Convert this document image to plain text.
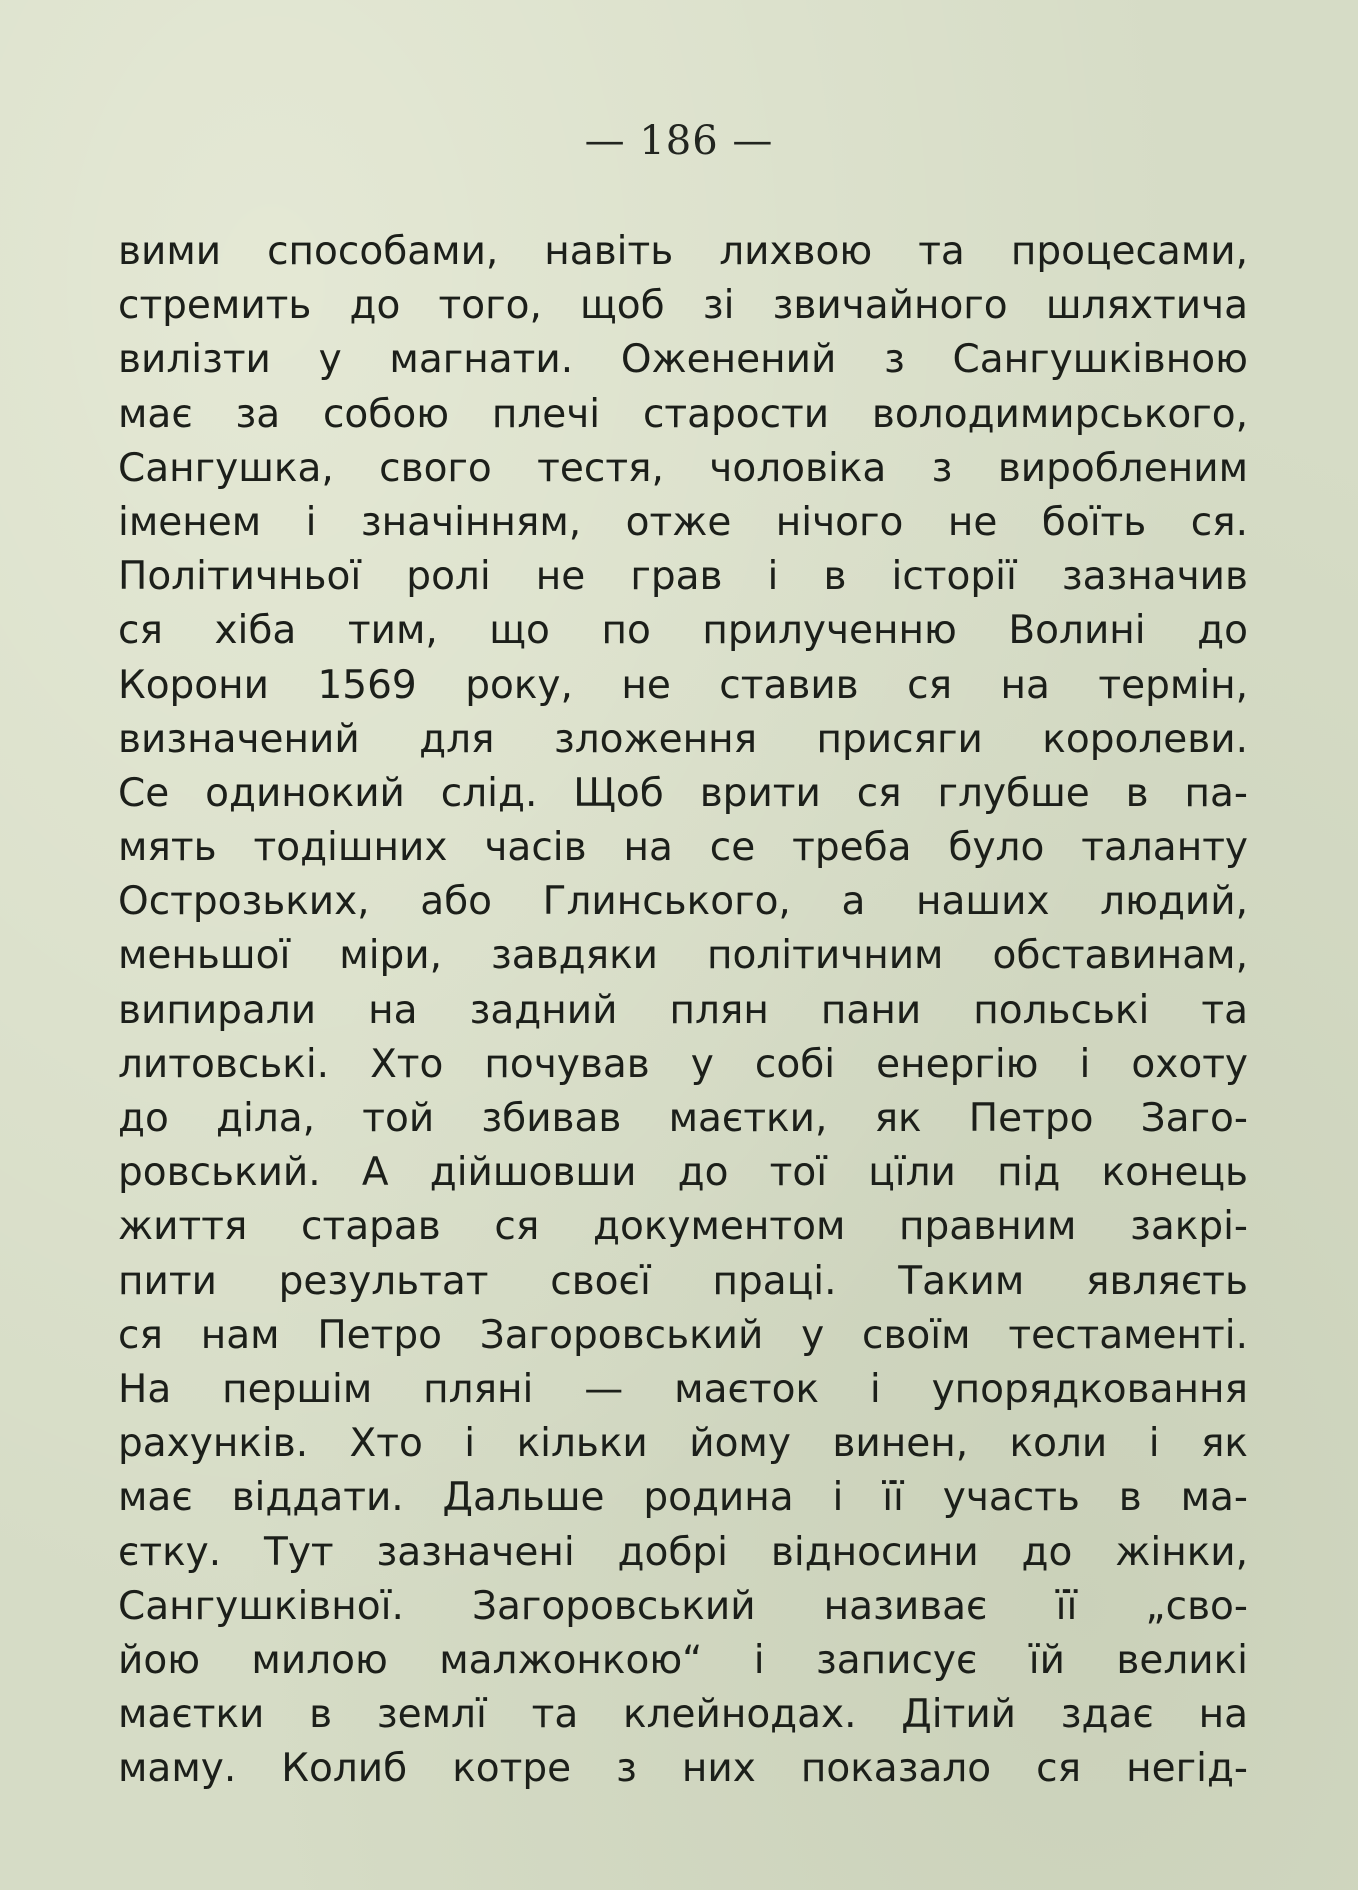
— 186 —
вими способами, навіть лихвою та процесами,
стремить до того, щоб зі звичайного шляхтича
вилізти у магнати. Оженений з Сангушківною
має за собою плечі старости володимирського,
Сангушка, свого тестя, чоловіка з виробленим
іменем і значінням, отже нічого не боїть ся.
Політичньої ролі не грав і в історії зазначив
ся хіба тим, що по прилученню Волині до
Корони 1569 року, не ставив ся на термін,
визначений для зложення присяги королеви.
Се одинокий слід. Щоб врити ся глубше в па-
мять тодішних часів на се треба було таланту
Острозьких, або Глинського, а наших людий,
меньшої міри, завдяки політичним обставинам,
випирали на задний плян пани польські та
литовські. Хто почував у собі енергію і охоту
до діла, той збивав маєтки, як Петро Заго-
ровський. А дійшовши до тої цїли під конець
життя старав ся документом правним закрі-
пити результат своєї праці. Таким являєть
ся нам Петро Загоровський у своїм тестаменті.
На першім пляні — маєток і упорядковання
рахунків. Хто і кільки йому винен, коли і як
має віддати. Дальше родина і її участь в ма-
єтку. Тут зазначені добрі відносини до жінки,
Сангушківної. Загоровський називає її „сво-
йою милою малжонкою“ і записує їй великі
маєтки в землї та клейнодах. Дітий здає на
маму. Колиб котре з них показало ся негід-
